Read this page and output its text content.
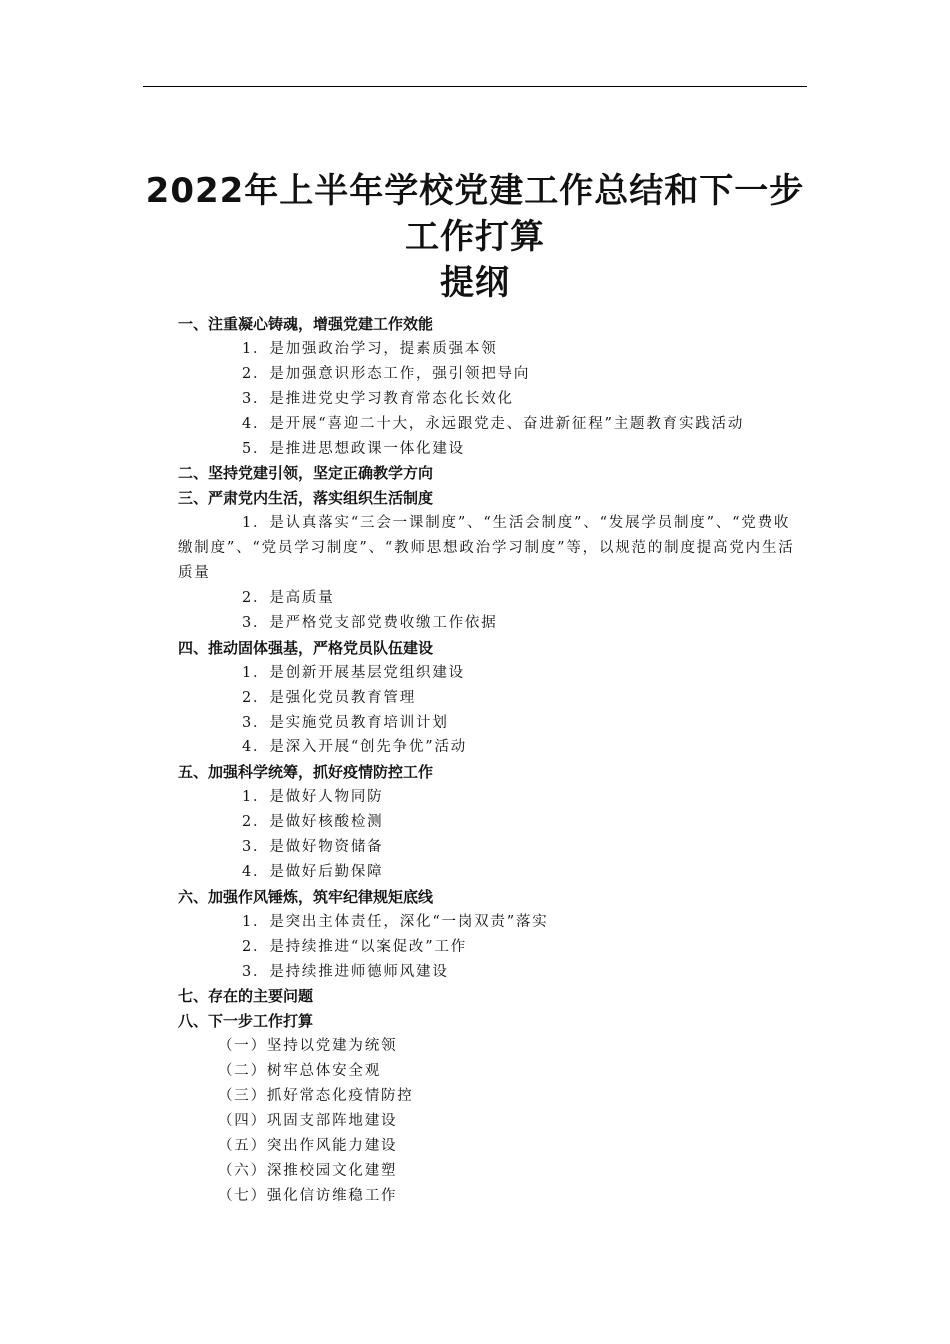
2022年上半年学校党建工作总结和下一步
工作打算
提纲
一、注重凝心铸魂，增强党建工作效能
1．是加强政治学习，提素质强本领
2．是加强意识形态工作，强引领把导向
3．是推进党史学习教育常态化长效化
4．是开展“喜迎二十大，永远跟党走、奋进新征程”主题教育实践活动
5．是推进思想政课一体化建设
二、坚持党建引领，坚定正确教学方向
三、严肃党内生活，落实组织生活制度
1．是认真落实“三会一课制度”、“生活会制度”、“发展学员制度”、“党费收缴制度”、“党员学习制度”、“教师思想政治学习制度”等，以规范的制度提高党内生活质量
2．是高质量
3．是严格党支部党费收缴工作依据
四、推动固体强基，严格党员队伍建设
1．是创新开展基层党组织建设
2．是强化党员教育管理
3．是实施党员教育培训计划
4．是深入开展“创先争优”活动
五、加强科学统筹，抓好疫情防控工作
1．是做好人物同防
2．是做好核酸检测
3．是做好物资储备
4．是做好后勤保障
六、加强作风锤炼，筑牢纪律规矩底线
1．是突出主体责任，深化“一岗双责”落实
2．是持续推进“以案促改”工作
3．是持续推进师德师风建设
七、存在的主要问题
八、下一步工作打算
（一）坚持以党建为统领
（二）树牢总体安全观
（三）抓好常态化疫情防控
（四）巩固支部阵地建设
（五）突出作风能力建设
（六）深推校园文化建塑
（七）强化信访维稳工作
